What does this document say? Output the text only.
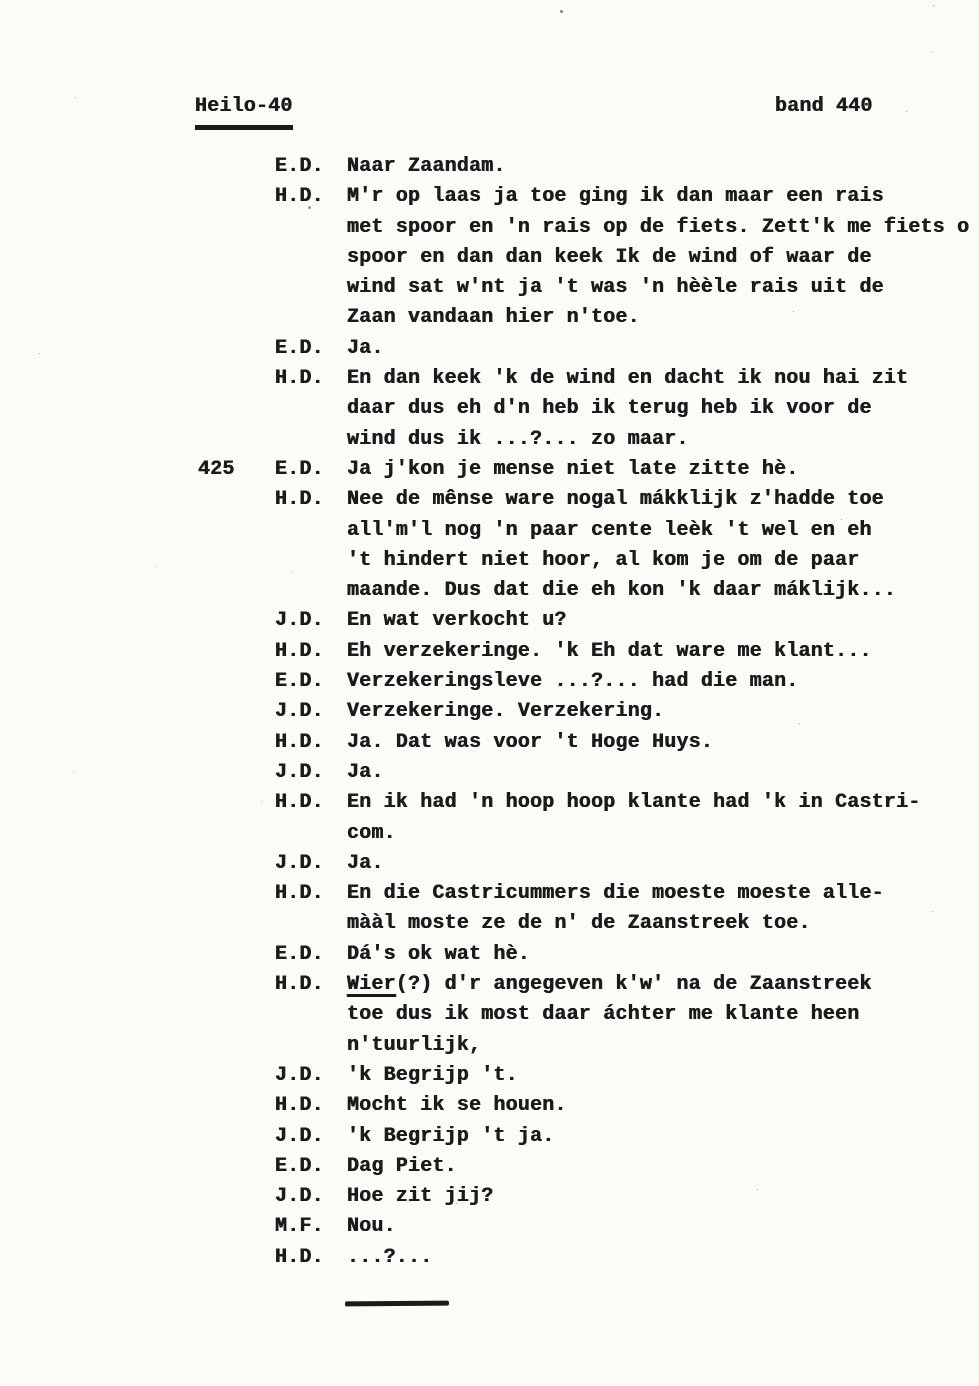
Heilo-40	band 440
E.D.	Naar Zaandam.
H.D.	M'r op laas ja toe ging ik dan maar een rais
met spoor en 'n rais op de fiets. Zett'k me fiets o
spoor en dan dan keek Ik de wind of waar de
wind sat w'nt ja 't was 'n hèèle rais uit de
Zaan vandaan hier n'toe.
E.D.	Ja.
H.D.	En dan keek 'k de wind en dacht ik nou hai zit
daar dus eh d'n heb ik terug heb ik voor de
wind dus ik ...?... zo maar.
425 E.D.	Ja j'kon je mense niet late zitte hè.
H.D.	Nee de mênse ware nogal mákklijk z'hadde toe
all'm'l nog 'n paar cente leèk 't wel en eh
't hindert niet hoor, al kom je om de paar
maande. Dus dat die eh kon 'k daar máklijk...
J.D.	En wat verkocht u?
H.D.	Eh verzekeringe. 'k Eh dat ware me klant...
E.D.	Verzekeringsleve ...?... had die man.
J.D.	Verzekeringe. Verzekering.
H.D.	Ja. Dat was voor 't Hoge Huys.
J.D.	Ja.
H.D.	En ik had 'n hoop hoop klante had 'k in Castri-
com.
J.D.	Ja.
H.D.	En die Castricummers die moeste moeste alle-
mààl moste ze de n' de Zaanstreek toe.
E.D.	Dá's ok wat hè.
H.D.	Wier(?) d'r angegeven k'w' na de Zaanstreek
toe dus ik most daar áchter me klante heen
n'tuurlijk,
J.D.	'k Begrijp 't.
H.D.	Mocht ik se houen.
J.D.	'k Begrijp 't ja.
E.D.	Dag Piet.
J.D.	Hoe zit jij?
M.F.	Nou.
H.D.	...?...
